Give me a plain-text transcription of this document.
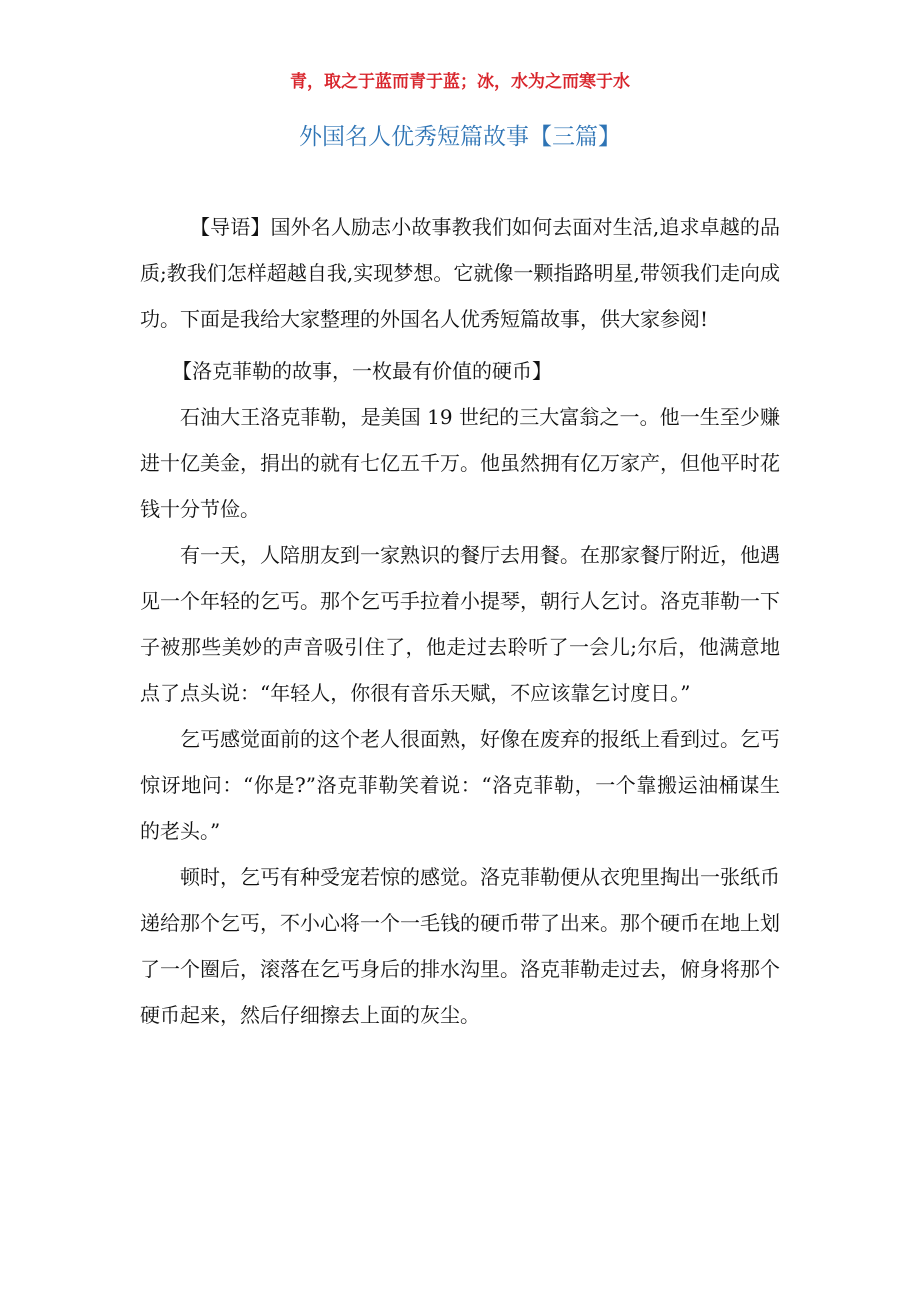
青，取之于蓝而青于蓝；冰，水为之而寒于水
外国名人优秀短篇故事【三篇】

【导语】国外名人励志小故事教我们如何去面对生活,追求卓越的品质;教我们怎样超越自我,实现梦想。它就像一颗指路明星,带领我们走向成功。下面是我给大家整理的外国名人优秀短篇故事，供大家参阅!

【洛克菲勒的故事，一枚最有价值的硬币】

石油大王洛克菲勒，是美国 19 世纪的三大富翁之一。他一生至少赚进十亿美金，捐出的就有七亿五千万。他虽然拥有亿万家产，但他平时花钱十分节俭。

有一天，人陪朋友到一家熟识的餐厅去用餐。在那家餐厅附近，他遇见一个年轻的乞丐。那个乞丐手拉着小提琴，朝行人乞讨。洛克菲勒一下子被那些美妙的声音吸引住了，他走过去聆听了一会儿;尔后，他满意地点了点头说：“年轻人，你很有音乐天赋，不应该靠乞讨度日。”

乞丐感觉面前的这个老人很面熟，好像在废弃的报纸上看到过。乞丐惊讶地问：“你是?”洛克菲勒笑着说：“洛克菲勒，一个靠搬运油桶谋生的老头。”

顿时，乞丐有种受宠若惊的感觉。洛克菲勒便从衣兜里掏出一张纸币递给那个乞丐，不小心将一个一毛钱的硬币带了出来。那个硬币在地上划了一个圈后，滚落在乞丐身后的排水沟里。洛克菲勒走过去，俯身将那个硬币起来，然后仔细擦去上面的灰尘。
